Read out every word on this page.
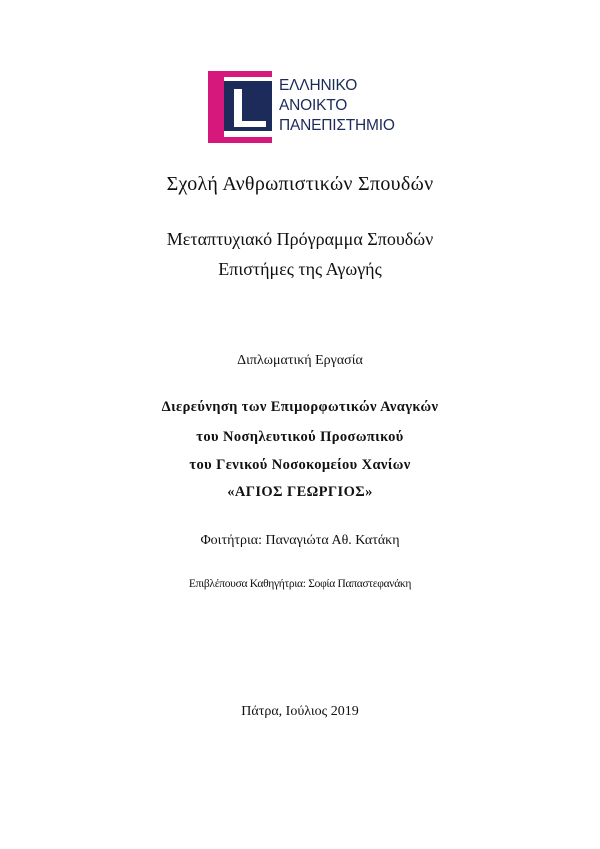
ΕΛΛΗΝΙΚΟ
ΑΝΟΙΚΤΟ
ΠΑΝΕΠΙΣΤΗΜΙΟ
Σχολή Ανθρωπιστικών Σπουδών
Μεταπτυχιακό Πρόγραμμα Σπουδών
Επιστήμες της Αγωγής
Διπλωματική Εργασία
Διερεύνηση των Επιμορφωτικών Αναγκών
του Νοσηλευτικού Προσωπικού
του Γενικού Νοσοκομείου Χανίων
«ΑΓΙΟΣ ΓΕΩΡΓΙΟΣ»
Φοιτήτρια: Παναγιώτα Αθ. Κατάκη
Επιβλέπουσα Καθηγήτρια: Σοφία Παπαστεφανάκη
Πάτρα, Ιούλιος 2019
